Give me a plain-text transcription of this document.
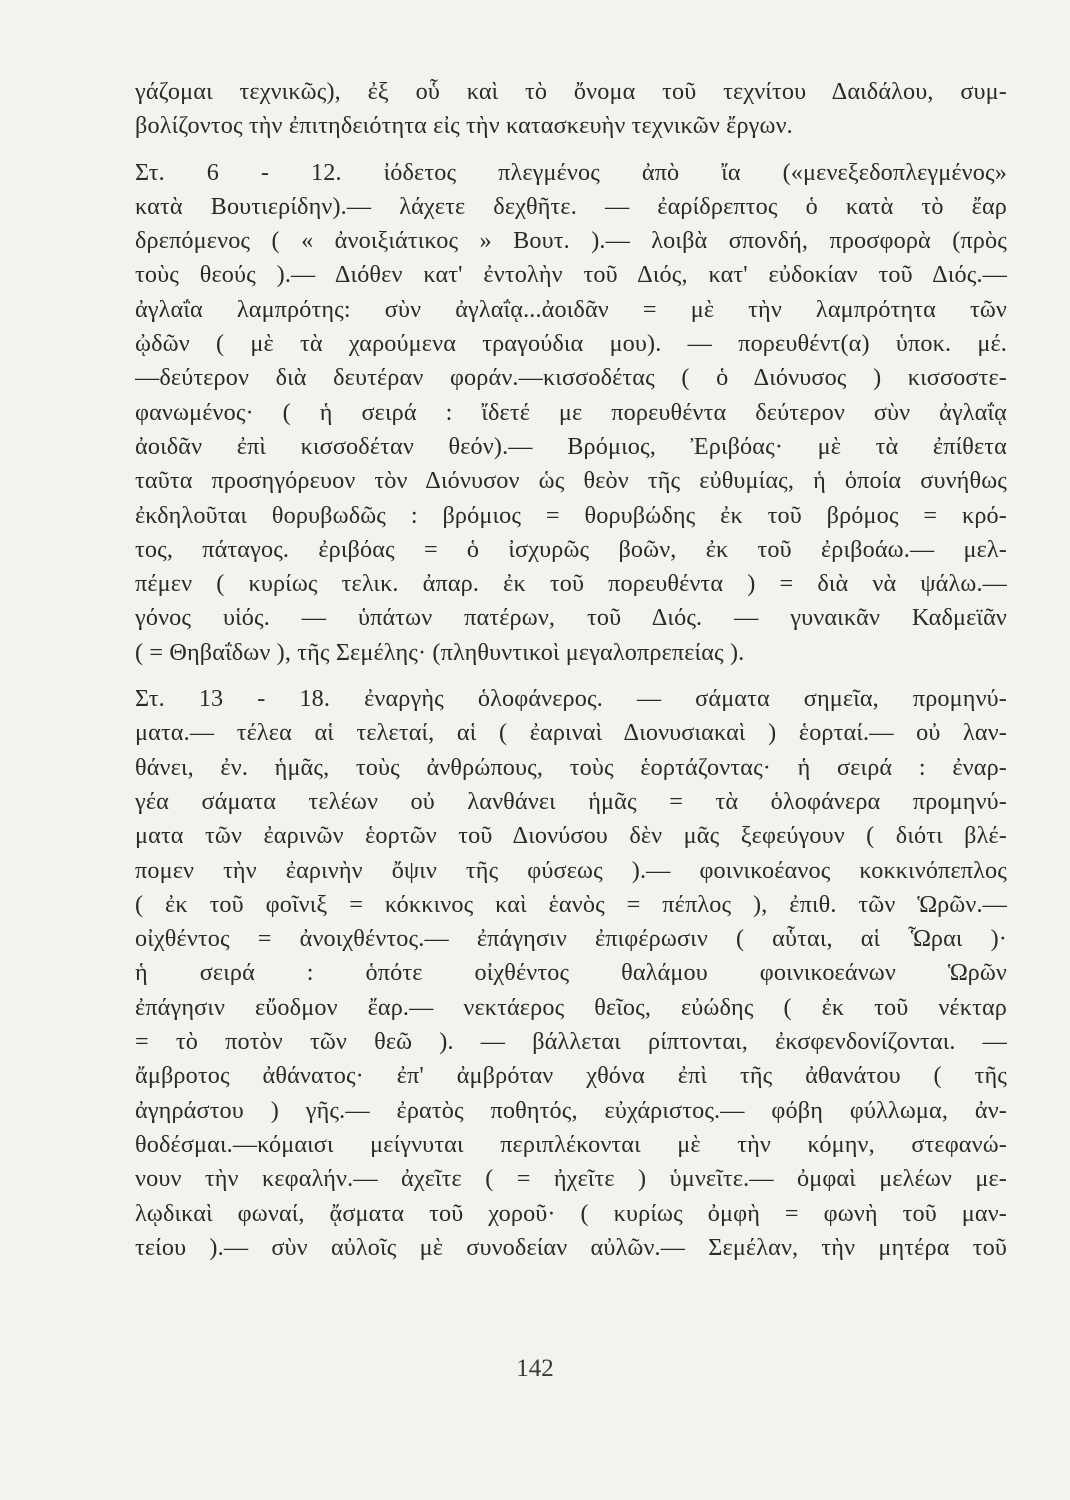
γάζομαι τεχνικῶς), ἐξ οὗ καὶ τὸ ὄνομα τοῦ τεχνίτου Δαιδάλου, συμ-
βολίζοντος τὴν ἐπιτηδειότητα εἰς τὴν κατασκευὴν τεχνικῶν ἔργων.
Στ. 6 - 12. ἰόδετος πλεγμένος ἀπὸ ἴα («μενεξεδοπλεγμένος»
κατὰ Βουτιερίδην).— λάχετε δεχθῆτε. — ἐαρίδρεπτος ὁ κατὰ τὸ ἔαρ
δρεπόμενος ( « ἀνοιξιάτικος » Βουτ. ).— λοιβὰ σπονδή, προσφορὰ (πρὸς
τοὺς θεούς ).— Διόθεν κατ' ἐντολὴν τοῦ Διός, κατ' εὐδοκίαν τοῦ Διός.—
ἀγλαΐα λαμπρότης: σὺν ἀγλαΐᾳ...ἀοιδᾶν = μὲ τὴν λαμπρότητα τῶν
ᾠδῶν ( μὲ τὰ χαρούμενα τραγούδια μου). — πορευθέντ(α) ὑποκ. μέ.
—δεύτερον διὰ δευτέραν φοράν.—κισσοδέτας ( ὁ Διόνυσος ) κισσοστε-
φανωμένος· ( ἡ σειρά : ἴδετέ με πορευθέντα δεύτερον σὺν ἀγλαΐᾳ
ἀοιδᾶν ἐπὶ κισσοδέταν θεόν).— Βρόμιος, Ἐριβόας· μὲ τὰ ἐπίθετα
ταῦτα προσηγόρευον τὸν Διόνυσον ὡς θεὸν τῆς εὐθυμίας, ἡ ὁποία συνήθως
ἐκδηλοῦται θορυβωδῶς : βρόμιος = θορυβώδης ἐκ τοῦ βρόμος = κρό-
τος, πάταγος. ἐριβόας = ὁ ἰσχυρῶς βοῶν, ἐκ τοῦ ἐριβοάω.— μελ-
πέμεν ( κυρίως τελικ. ἀπαρ. ἐκ τοῦ πορευθέντα ) = διὰ νὰ ψάλω.—
γόνος υἱός. — ὑπάτων πατέρων, τοῦ Διός. — γυναικᾶν Καδμεϊᾶν
( = Θηβαΐδων ), τῆς Σεμέλης· (πληθυντικοὶ μεγαλοπρεπείας ).
Στ. 13 - 18. ἐναργὴς ὁλοφάνερος. — σάματα σημεῖα, προμηνύ-
ματα.— τέλεα αἱ τελεταί, αἱ ( ἐαριναὶ Διονυσιακαὶ ) ἑορταί.— οὐ λαν-
θάνει, ἐν. ἡμᾶς, τοὺς ἀνθρώπους, τοὺς ἑορτάζοντας· ἡ σειρά : ἐναρ-
γέα σάματα τελέων οὐ λανθάνει ἡμᾶς = τὰ ὁλοφάνερα προμηνύ-
ματα τῶν ἐαρινῶν ἑορτῶν τοῦ Διονύσου δὲν μᾶς ξεφεύγουν ( διότι βλέ-
πομεν τὴν ἐαρινὴν ὄψιν τῆς φύσεως ).— φοινικοέανος κοκκινόπεπλος
( ἐκ τοῦ φοῖνιξ = κόκκινος καὶ ἑανὸς = πέπλος ), ἐπιθ. τῶν Ὡρῶν.—
οἰχθέντος = ἀνοιχθέντος.— ἐπάγησιν ἐπιφέρωσιν ( αὗται, αἱ Ὧραι )·
ἡ σειρά : ὁπότε οἰχθέντος θαλάμου φοινικοεάνων Ὡρῶν
ἐπάγησιν εὔοδμον ἔαρ.— νεκτάερος θεῖος, εὐώδης ( ἐκ τοῦ νέκταρ
= τὸ ποτὸν τῶν θεῶ ). — βάλλεται ρίπτονται, ἐκσφενδονίζονται. —
ἄμβροτος ἀθάνατος· ἐπ' ἀμβρόταν χθόνα ἐπὶ τῆς ἀθανάτου ( τῆς
ἀγηράστου ) γῆς.— ἐρατὸς ποθητός, εὐχάριστος.— φόβη φύλλωμα, ἀν-
θοδέσμαι.—κόμαισι μείγνυται περιπλέκονται μὲ τὴν κόμην, στεφανώ-
νουν τὴν κεφαλήν.— ἀχεῖτε ( = ἠχεῖτε ) ὑμνεῖτε.— ὀμφαὶ μελέων με-
λῳδικαὶ φωναί, ᾄσματα τοῦ χοροῦ· ( κυρίως ὀμφὴ = φωνὴ τοῦ μαν-
τείου ).— σὺν αὐλοῖς μὲ συνοδείαν αὐλῶν.— Σεμέλαν, τὴν μητέρα τοῦ
142
